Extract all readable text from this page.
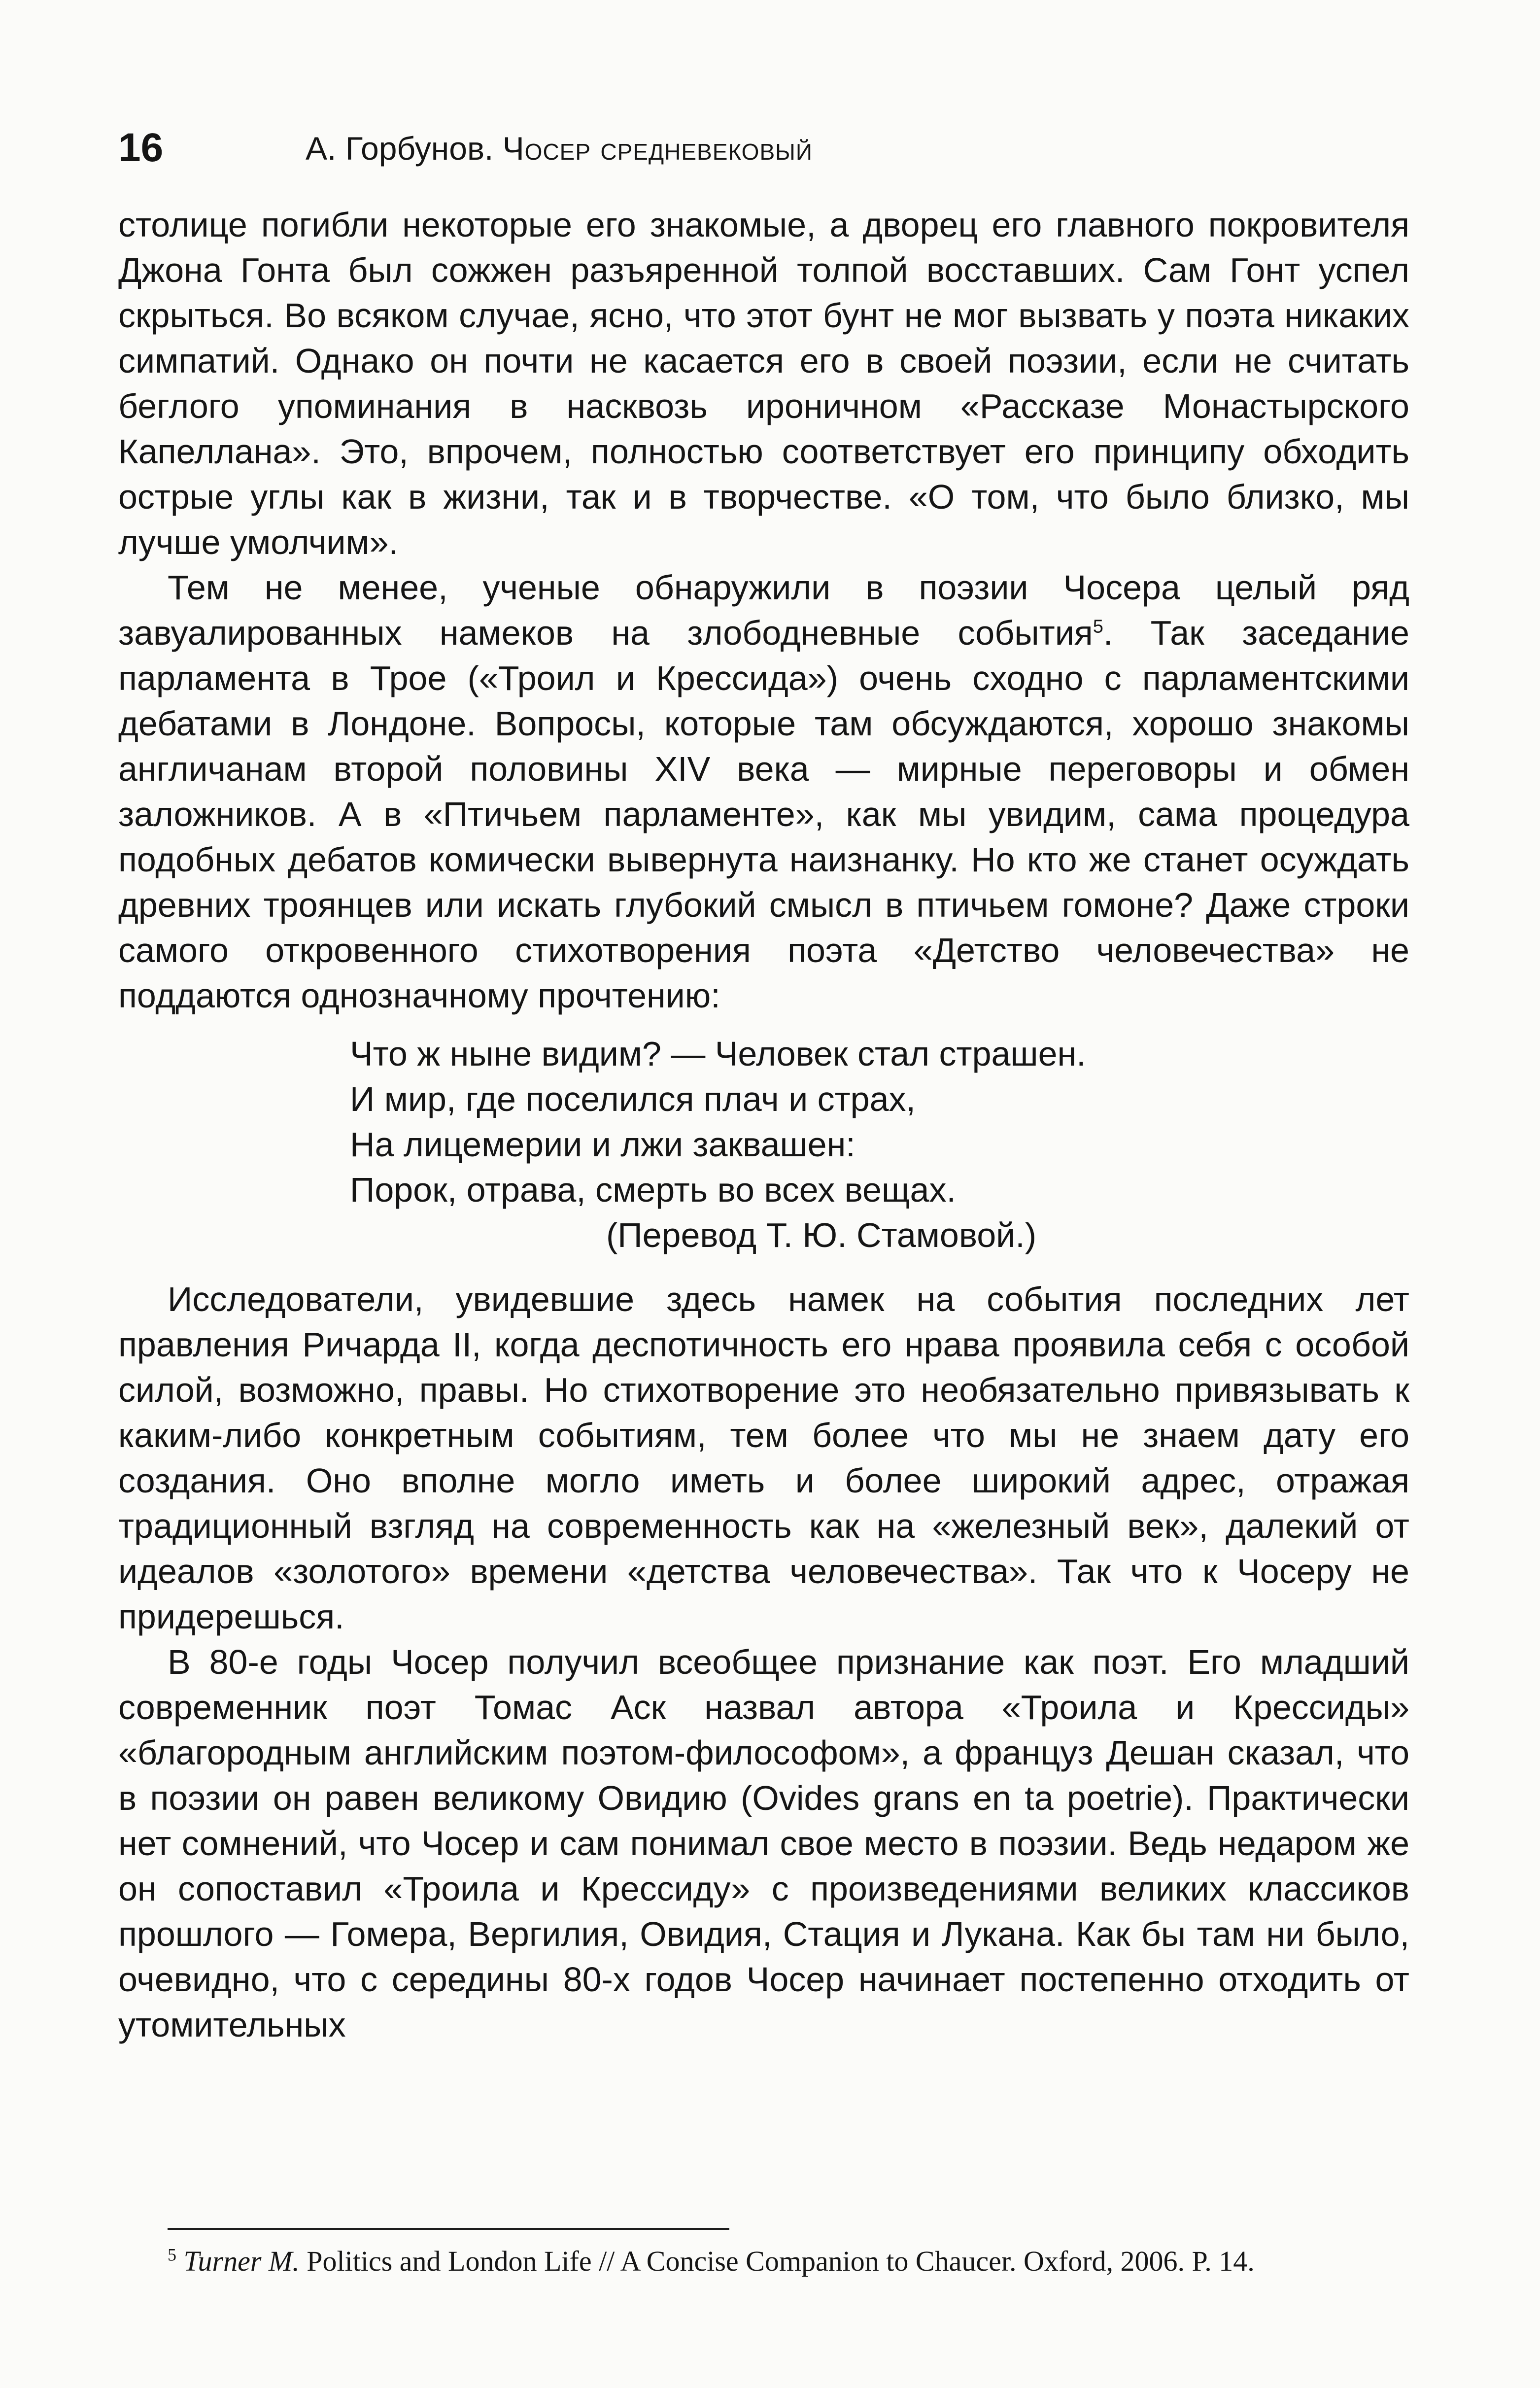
16	А. Горбунов. Чосер средневековый

столице погибли некоторые его знакомые, а дворец его главного покровителя Джона Гонта был сожжен разъяренной толпой восставших. Сам Гонт успел скрыться. Во всяком случае, ясно, что этот бунт не мог вызвать у поэта никаких симпатий. Однако он почти не касается его в своей поэзии, если не считать беглого упоминания в насквозь ироничном «Рассказе Монастырского Капеллана». Это, впрочем, полностью соответствует его принципу обходить острые углы как в жизни, так и в творчестве. «О том, что было близко, мы лучше умолчим».

Тем не менее, ученые обнаружили в поэзии Чосера целый ряд завуалированных намеков на злободневные события$^5$. Так заседание парламента в Трое («Троил и Крессида») очень сходно с парламентскими дебатами в Лондоне. Вопросы, которые там обсуждаются, хорошо знакомы англичанам второй половины XIV века — мирные переговоры и обмен заложников. А в «Птичьем парламенте», как мы увидим, сама процедура подобных дебатов комически вывернута наизнанку. Но кто же станет осуждать древних троянцев или искать глубокий смысл в птичьем гомоне? Даже строки самого откровенного стихотворения поэта «Детство человечества» не поддаются однозначному прочтению:

Что ж ныне видим? — Человек стал страшен.
И мир, где поселился плач и страх,
На лицемерии и лжи заквашен:
Порок, отрава, смерть во всех вещах.
(Перевод Т. Ю. Стамовой.)

Исследователи, увидевшие здесь намек на события последних лет правления Ричарда II, когда деспотичность его нрава проявила себя с особой силой, возможно, правы. Но стихотворение это необязательно привязывать к каким-либо конкретным событиям, тем более что мы не знаем дату его создания. Оно вполне могло иметь и более широкий адрес, отражая традиционный взгляд на современность как на «железный век», далекий от идеалов «золотого» времени «детства человечества». Так что к Чосеру не придерешься.

В 80-е годы Чосер получил всеобщее признание как поэт. Его младший современник поэт Томас Аск назвал автора «Троила и Крессиды» «благородным английским поэтом-философом», а француз Дешан сказал, что в поэзии он равен великому Овидию (Ovides grans en ta poetrie). Практически нет сомнений, что Чосер и сам понимал свое место в поэзии. Ведь недаром же он сопоставил «Троила и Крессиду» с произведениями великих классиков прошлого — Гомера, Вергилия, Овидия, Стация и Лукана. Как бы там ни было, очевидно, что с середины 80-х годов Чосер начинает постепенно отходить от утомительных

$^5$ Turner M. Politics and London Life // A Concise Companion to Chaucer. Oxford, 2006. P. 14.
